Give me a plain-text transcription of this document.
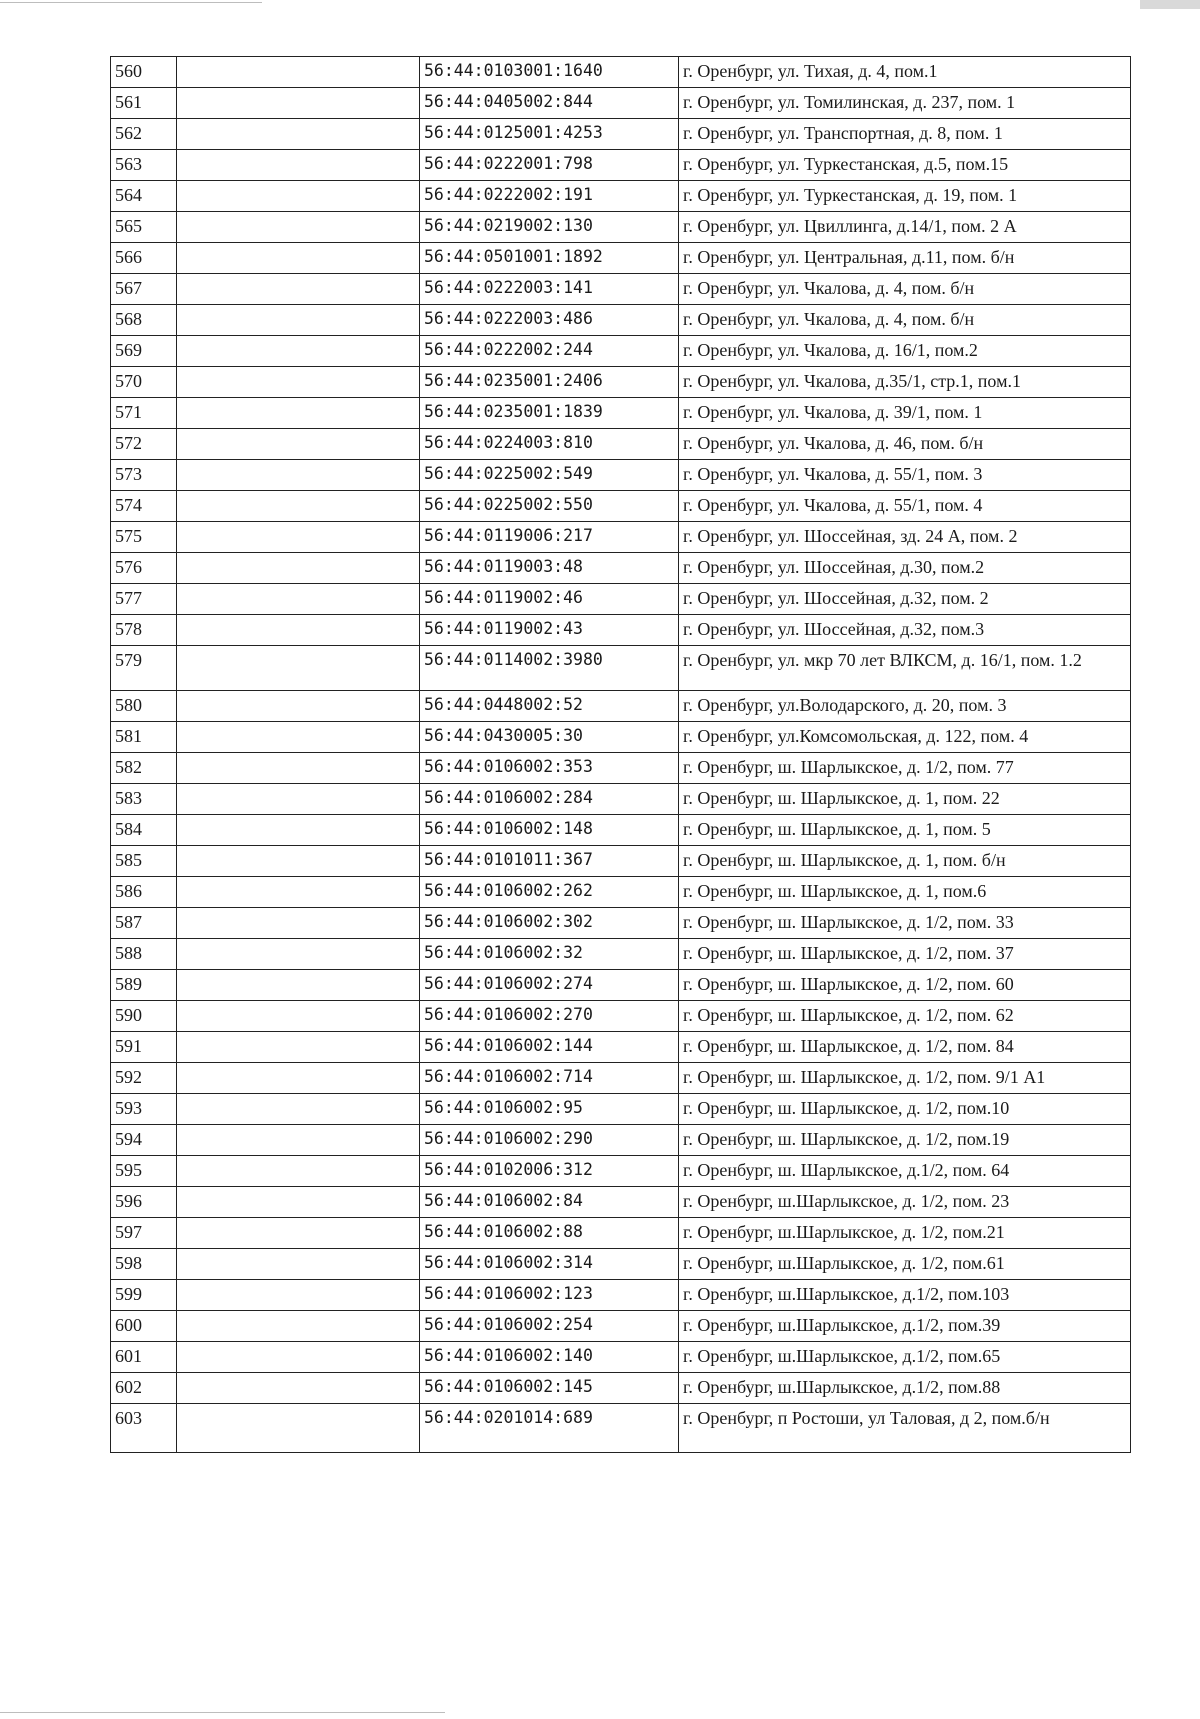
560		56:44:0103001:1640	г. Оренбург, ул. Тихая, д. 4, пом.1
561		56:44:0405002:844	г. Оренбург, ул. Томилинская, д. 237, пом. 1
562		56:44:0125001:4253	г. Оренбург, ул. Транспортная, д. 8, пом. 1
563		56:44:0222001:798	г. Оренбург, ул. Туркестанская, д.5, пом.15
564		56:44:0222002:191	г. Оренбург, ул. Туркестанская, д. 19, пом. 1
565		56:44:0219002:130	г. Оренбург, ул. Цвиллинга, д.14/1, пом. 2 А
566		56:44:0501001:1892	г. Оренбург, ул. Центральная, д.11, пом. б/н
567		56:44:0222003:141	г. Оренбург, ул. Чкалова, д. 4, пом. б/н
568		56:44:0222003:486	г. Оренбург, ул. Чкалова, д. 4, пом. б/н
569		56:44:0222002:244	г. Оренбург, ул. Чкалова, д. 16/1, пом.2
570		56:44:0235001:2406	г. Оренбург, ул. Чкалова, д.35/1, стр.1, пом.1
571		56:44:0235001:1839	г. Оренбург, ул. Чкалова, д. 39/1, пом. 1
572		56:44:0224003:810	г. Оренбург, ул. Чкалова, д. 46, пом. б/н
573		56:44:0225002:549	г. Оренбург, ул. Чкалова, д. 55/1, пом. 3
574		56:44:0225002:550	г. Оренбург, ул. Чкалова, д. 55/1, пом. 4
575		56:44:0119006:217	г. Оренбург, ул. Шоссейная, зд. 24 А, пом. 2
576		56:44:0119003:48	г. Оренбург, ул. Шоссейная, д.30, пом.2
577		56:44:0119002:46	г. Оренбург, ул. Шоссейная, д.32, пом. 2
578		56:44:0119002:43	г. Оренбург, ул. Шоссейная, д.32, пом.3
579		56:44:0114002:3980	г. Оренбург, ул. мкр 70 лет ВЛКСМ, д. 16/1, пом. 1.2
580		56:44:0448002:52	г. Оренбург, ул.Володарского, д. 20, пом. 3
581		56:44:0430005:30	г. Оренбург, ул.Комсомольская, д. 122, пом. 4
582		56:44:0106002:353	г. Оренбург, ш. Шарлыкское, д. 1/2, пом. 77
583		56:44:0106002:284	г. Оренбург, ш. Шарлыкское, д. 1, пом. 22
584		56:44:0106002:148	г. Оренбург, ш. Шарлыкское, д. 1, пом. 5
585		56:44:0101011:367	г. Оренбург, ш. Шарлыкское, д. 1, пом. б/н
586		56:44:0106002:262	г. Оренбург, ш. Шарлыкское, д. 1, пом.6
587		56:44:0106002:302	г. Оренбург, ш. Шарлыкское, д. 1/2, пом. 33
588		56:44:0106002:32	г. Оренбург, ш. Шарлыкское, д. 1/2, пом. 37
589		56:44:0106002:274	г. Оренбург, ш. Шарлыкское, д. 1/2, пом. 60
590		56:44:0106002:270	г. Оренбург, ш. Шарлыкское, д. 1/2, пом. 62
591		56:44:0106002:144	г. Оренбург, ш. Шарлыкское, д. 1/2, пом. 84
592		56:44:0106002:714	г. Оренбург, ш. Шарлыкское, д. 1/2, пом. 9/1 А1
593		56:44:0106002:95	г. Оренбург, ш. Шарлыкское, д. 1/2, пом.10
594		56:44:0106002:290	г. Оренбург, ш. Шарлыкское, д. 1/2, пом.19
595		56:44:0102006:312	г. Оренбург, ш. Шарлыкское, д.1/2, пом. 64
596		56:44:0106002:84	г. Оренбург, ш.Шарлыкское, д. 1/2, пом. 23
597		56:44:0106002:88	г. Оренбург, ш.Шарлыкское, д. 1/2, пом.21
598		56:44:0106002:314	г. Оренбург, ш.Шарлыкское, д. 1/2, пом.61
599		56:44:0106002:123	г. Оренбург, ш.Шарлыкское, д.1/2, пом.103
600		56:44:0106002:254	г. Оренбург, ш.Шарлыкское, д.1/2, пом.39
601		56:44:0106002:140	г. Оренбург, ш.Шарлыкское, д.1/2, пом.65
602		56:44:0106002:145	г. Оренбург, ш.Шарлыкское, д.1/2, пом.88
603		56:44:0201014:689	г. Оренбург, п Ростоши, ул Таловая, д 2, пом.б/н
